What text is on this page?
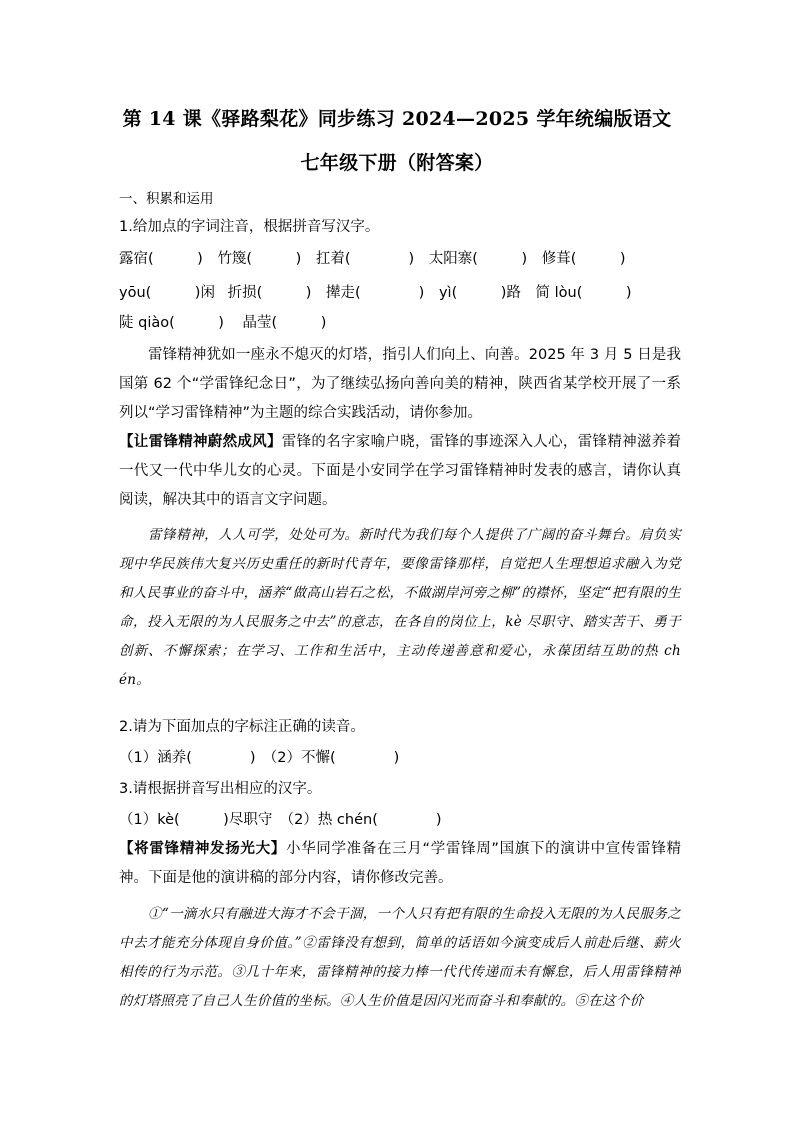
第 14 课《驿路梨花》同步练习 2024—2025 学年统编版语文
七年级下册（附答案）
一、积累和运用
1.给加点的字词注音，根据拼音写汉字。
露宿(　　　) 竹篾(　　　) 扛着(　　　　) 太阳寨(　　　) 修葺(　　　)
yōu(　　　)闲 折损(　　　) 撵走(　　　　) yì(　　　)路 简 lòu(　　　)
陡 qiào(　　　) 晶莹(　　　)
雷锋精神犹如一座永不熄灭的灯塔，指引人们向上、向善。2025 年 3 月 5 日是我国第 62 个“学雷锋纪念日”，为了继续弘扬向善向美的精神，陕西省某学校开展了一系列以“学习雷锋精神”为主题的综合实践活动，请你参加。
【让雷锋精神蔚然成风】雷锋的名字家喻户晓，雷锋的事迹深入人心，雷锋精神滋养着一代又一代中华儿女的心灵。下面是小安同学在学习雷锋精神时发表的感言，请你认真阅读，解决其中的语言文字问题。
雷锋精神，人人可学，处处可为。新时代为我们每个人提供了广阔的奋斗舞台。肩负实现中华民族伟大复兴历史重任的新时代青年，要像雷锋那样，自觉把人生理想追求融入为党和人民事业的奋斗中，涵养“做高山岩石之松，不做湖岸河旁之柳”的襟怀，坚定“把有限的生命，投入无限的为人民服务之中去”的意志，在各自的岗位上，kè 尽职守、踏实苦干、勇于创新、不懈探索；在学习、工作和生活中，主动传递善意和爱心，永葆团结互助的热 ch én。
2.请为下面加点的字标注正确的读音。
（1）涵养(　　　　)　（2）不懈(　　　　)
3.请根据拼音写出相应的汉字。
（1）kè(　　　)尽职守　（2）热 chén(　　　　)
【将雷锋精神发扬光大】小华同学准备在三月“学雷锋周”国旗下的演讲中宣传雷锋精神。下面是他的演讲稿的部分内容，请你修改完善。
①“一滴水只有融进大海才不会干涸，一个人只有把有限的生命投入无限的为人民服务之中去才能充分体现自身价值。”②雷锋没有想到，简单的话语如今演变成后人前赴后继、薪火相传的行为示范。③几十年来，雷锋精神的接力棒一代代传递而未有懈怠，后人用雷锋精神的灯塔照亮了自己人生价值的坐标。④人生价值是因闪光而奋斗和奉献的。⑤在这个价
